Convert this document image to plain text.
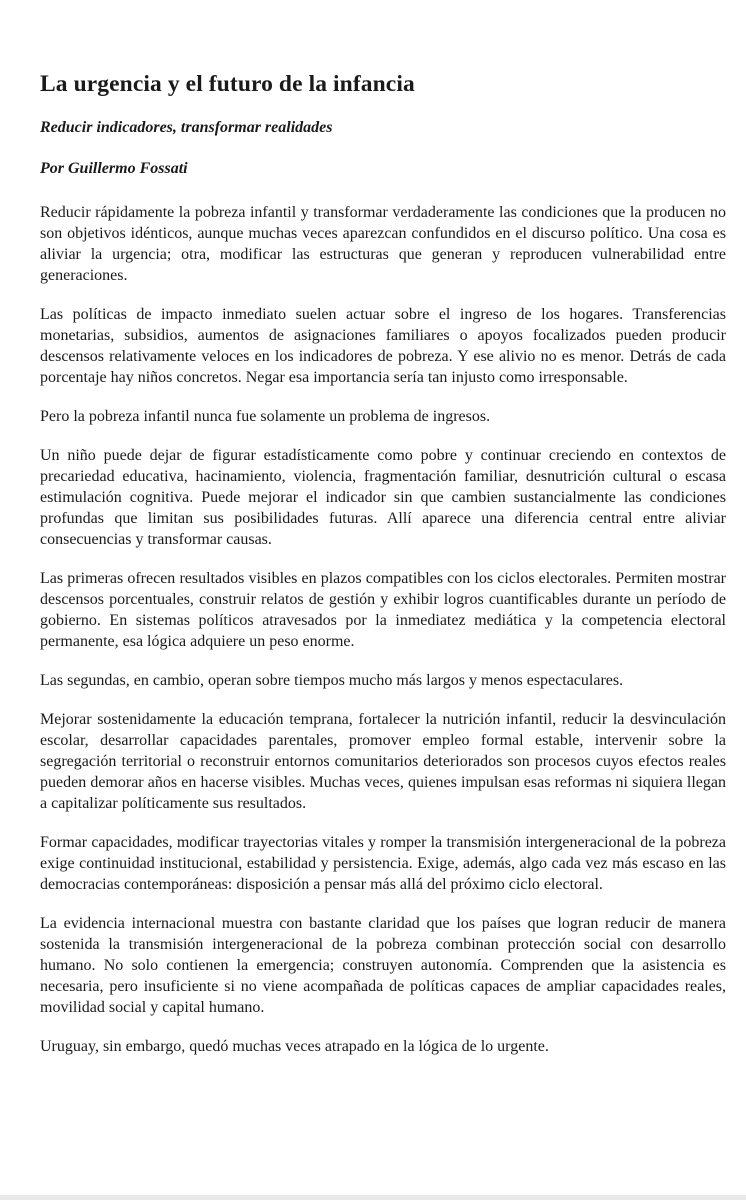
La urgencia y el futuro de la infancia
Reducir indicadores, transformar realidades
Por Guillermo Fossati

Reducir rápidamente la pobreza infantil y transformar verdaderamente las condiciones que la producen no son objetivos idénticos, aunque muchas veces aparezcan confundidos en el discurso político. Una cosa es aliviar la urgencia; otra, modificar las estructuras que generan y reproducen vulnerabilidad entre generaciones.

Las políticas de impacto inmediato suelen actuar sobre el ingreso de los hogares. Transferencias monetarias, subsidios, aumentos de asignaciones familiares o apoyos focalizados pueden producir descensos relativamente veloces en los indicadores de pobreza. Y ese alivio no es menor. Detrás de cada porcentaje hay niños concretos. Negar esa importancia sería tan injusto como irresponsable.

Pero la pobreza infantil nunca fue solamente un problema de ingresos.

Un niño puede dejar de figurar estadísticamente como pobre y continuar creciendo en contextos de precariedad educativa, hacinamiento, violencia, fragmentación familiar, desnutrición cultural o escasa estimulación cognitiva. Puede mejorar el indicador sin que cambien sustancialmente las condiciones profundas que limitan sus posibilidades futuras. Allí aparece una diferencia central entre aliviar consecuencias y transformar causas.

Las primeras ofrecen resultados visibles en plazos compatibles con los ciclos electorales. Permiten mostrar descensos porcentuales, construir relatos de gestión y exhibir logros cuantificables durante un período de gobierno. En sistemas políticos atravesados por la inmediatez mediática y la competencia electoral permanente, esa lógica adquiere un peso enorme.

Las segundas, en cambio, operan sobre tiempos mucho más largos y menos espectaculares.

Mejorar sostenidamente la educación temprana, fortalecer la nutrición infantil, reducir la desvinculación escolar, desarrollar capacidades parentales, promover empleo formal estable, intervenir sobre la segregación territorial o reconstruir entornos comunitarios deteriorados son procesos cuyos efectos reales pueden demorar años en hacerse visibles. Muchas veces, quienes impulsan esas reformas ni siquiera llegan a capitalizar políticamente sus resultados.

Formar capacidades, modificar trayectorias vitales y romper la transmisión intergeneracional de la pobreza exige continuidad institucional, estabilidad y persistencia. Exige, además, algo cada vez más escaso en las democracias contemporáneas: disposición a pensar más allá del próximo ciclo electoral.

La evidencia internacional muestra con bastante claridad que los países que logran reducir de manera sostenida la transmisión intergeneracional de la pobreza combinan protección social con desarrollo humano. No solo contienen la emergencia; construyen autonomía. Comprenden que la asistencia es necesaria, pero insuficiente si no viene acompañada de políticas capaces de ampliar capacidades reales, movilidad social y capital humano.

Uruguay, sin embargo, quedó muchas veces atrapado en la lógica de lo urgente.
